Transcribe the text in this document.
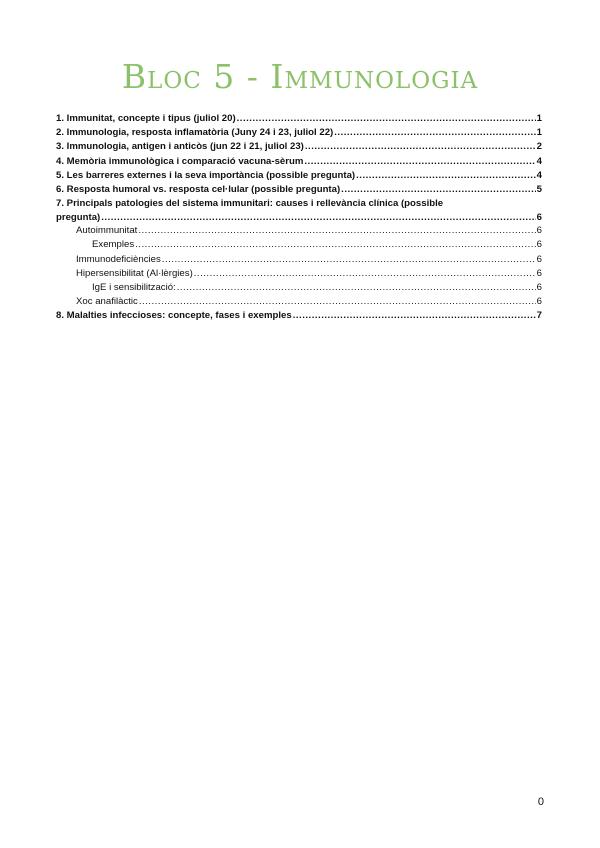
Bloc 5 - Immunologia
1. Immunitat, concepte i tipus (juliol 20) .....	1
2. Immunologia, resposta inflamatòria (Juny 24 i 23, juliol 22) .....	1
3. Immunologia, antigen i anticòs (jun 22 i 21, juliol 23) .....	2
4. Memòria immunològica i comparació vacuna-sèrum .....	4
5. Les barreres externes i la seva importància (possible pregunta) .....	4
6. Resposta humoral vs. resposta cel·lular (possible pregunta) .....	5
7. Principals patologies del sistema immunitari: causes i rellevància clínica (possible
pregunta) .....	6
Autoimmunitat .....	6
Exemples .....	6
Immunodeficiències .....	6
Hipersensibilitat (Al·lèrgies) .....	6
IgE i sensibilització: .....	6
Xoc anafilàctic .....	6
8. Malalties infeccioses: concepte, fases i exemples .....	7
0
